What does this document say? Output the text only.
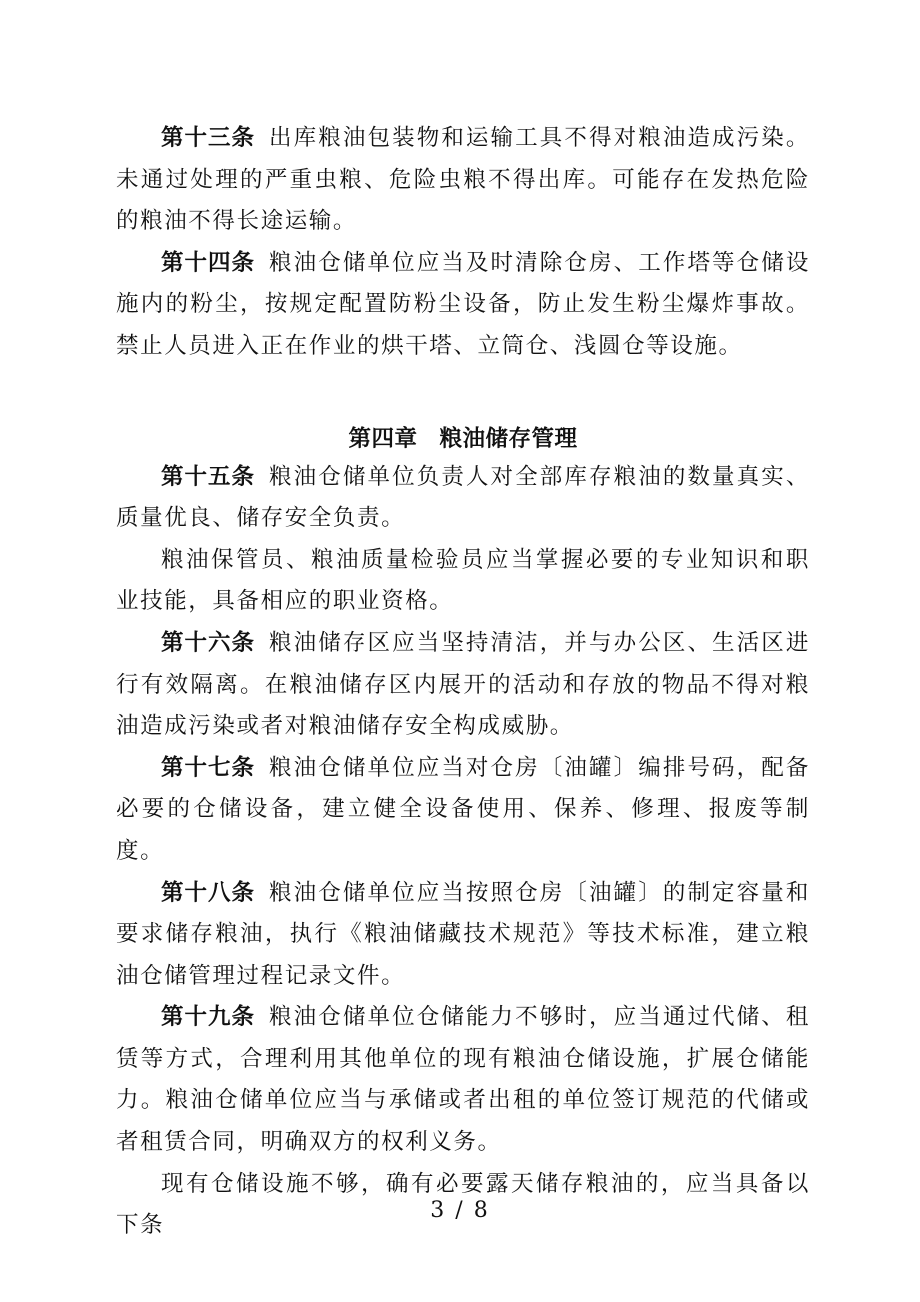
第十三条 出库粮油包装物和运输工具不得对粮油造成污染。未通过处理的严重虫粮、危险虫粮不得出库。可能存在发热危险的粮油不得长途运输。

第十四条 粮油仓储单位应当及时清除仓房、工作塔等仓储设施内的粉尘，按规定配置防粉尘设备，防止发生粉尘爆炸事故。禁止人员进入正在作业的烘干塔、立筒仓、浅圆仓等设施。

第四章 粮油储存管理

第十五条 粮油仓储单位负责人对全部库存粮油的数量真实、质量优良、储存安全负责。

粮油保管员、粮油质量检验员应当掌握必要的专业知识和职业技能，具备相应的职业资格。

第十六条 粮油储存区应当坚持清洁，并与办公区、生活区进行有效隔离。在粮油储存区内展开的活动和存放的物品不得对粮油造成污染或者对粮油储存安全构成威胁。

第十七条 粮油仓储单位应当对仓房〔油罐〕编排号码，配备必要的仓储设备，建立健全设备使用、保养、修理、报废等制度。

第十八条 粮油仓储单位应当按照仓房〔油罐〕的制定容量和要求储存粮油，执行《粮油储藏技术规范》等技术标准，建立粮油仓储管理过程记录文件。

第十九条 粮油仓储单位仓储能力不够时，应当通过代储、租赁等方式，合理利用其他单位的现有粮油仓储设施，扩展仓储能力。粮油仓储单位应当与承储或者出租的单位签订规范的代储或者租赁合同，明确双方的权利义务。

现有仓储设施不够，确有必要露天储存粮油的，应当具备以下条

3 / 8
